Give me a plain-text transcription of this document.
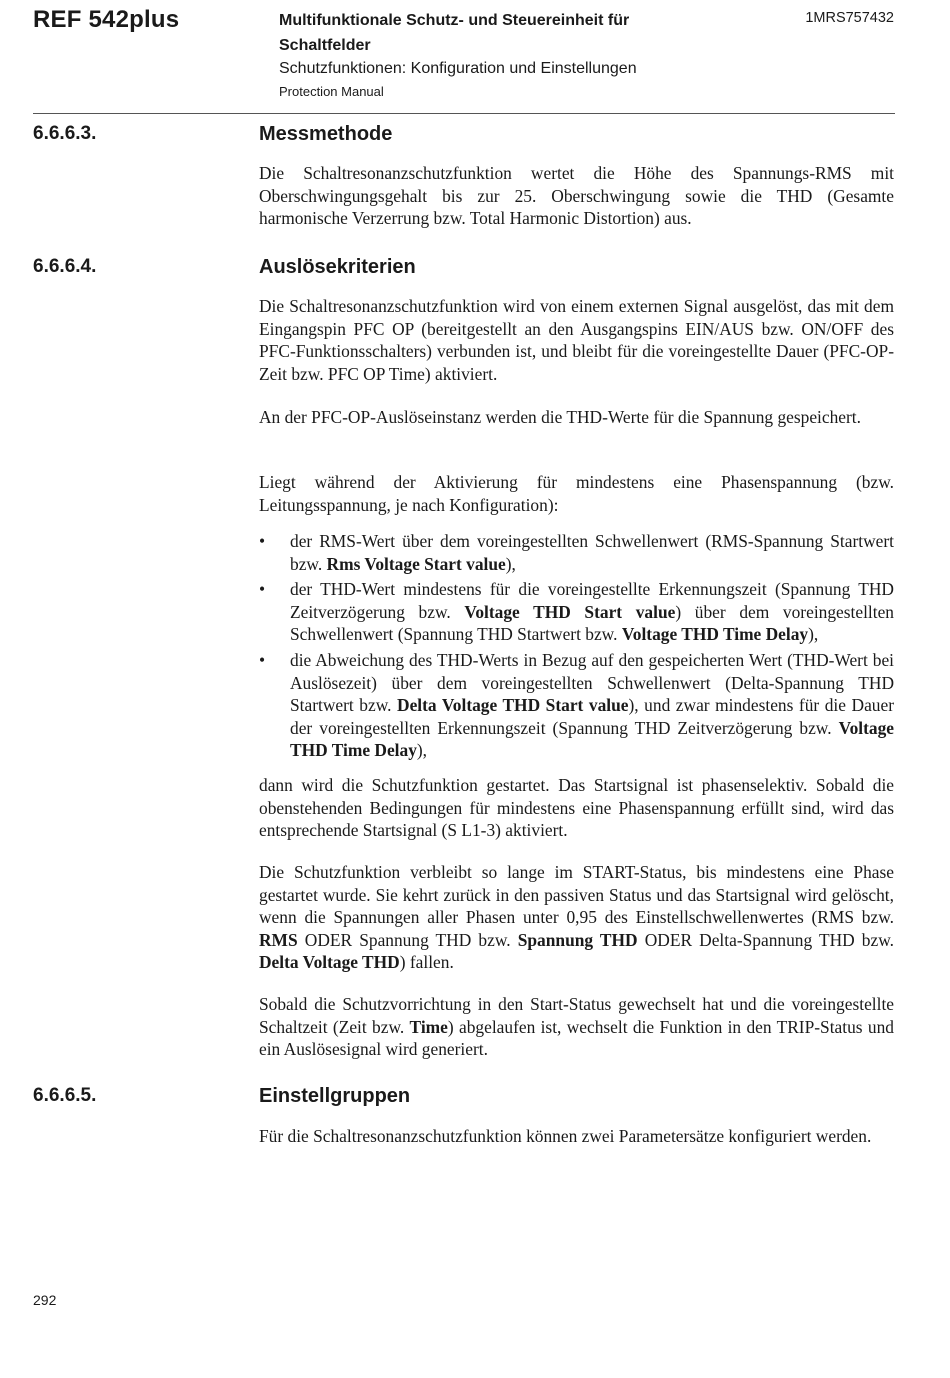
REF 542plus	Multifunktionale Schutz- und Steuereinheit für Schaltfelder
Schutzfunktionen: Konfiguration und Einstellungen
Protection Manual
1MRS757432
6.6.6.3.	Messmethode

Die Schaltresonanzschutzfunktion wertet die Höhe des Spannungs-RMS mit Oberschwingungsgehalt bis zur 25. Oberschwingung sowie die THD (Gesamte harmonische Verzerrung bzw. Total Harmonic Distortion) aus.

6.6.6.4.	Auslösekriterien

Die Schaltresonanzschutzfunktion wird von einem externen Signal ausgelöst, das mit dem Eingangspin PFC OP (bereitgestellt an den Ausgangspins EIN/AUS bzw. ON/OFF des PFC-Funktionsschalters) verbunden ist, und bleibt für die voreingestellte Dauer (PFC-OP-Zeit bzw. PFC OP Time) aktiviert.

An der PFC-OP-Auslöseinstanz werden die THD-Werte für die Spannung gespeichert.

Liegt während der Aktivierung für mindestens eine Phasenspannung (bzw. Leitungsspannung, je nach Konfiguration):

•	der RMS-Wert über dem voreingestellten Schwellenwert (RMS-Spannung Startwert bzw. Rms Voltage Start value),
•	der THD-Wert mindestens für die voreingestellte Erkennungszeit (Spannung THD Zeitverzögerung bzw. Voltage THD Start value) über dem voreingestellten Schwellenwert (Spannung THD Startwert bzw. Voltage THD Time Delay),
•	die Abweichung des THD-Werts in Bezug auf den gespeicherten Wert (THD-Wert bei Auslösezeit) über dem voreingestellten Schwellenwert (Delta-Spannung THD Startwert bzw. Delta Voltage THD Start value), und zwar mindestens für die Dauer der voreingestellten Erkennungszeit (Spannung THD Zeitverzögerung bzw. Voltage THD Time Delay),

dann wird die Schutzfunktion gestartet. Das Startsignal ist phasenselektiv. Sobald die obenstehenden Bedingungen für mindestens eine Phasenspannung erfüllt sind, wird das entsprechende Startsignal (S L1-3) aktiviert.

Die Schutzfunktion verbleibt so lange im START-Status, bis mindestens eine Phase gestartet wurde. Sie kehrt zurück in den passiven Status und das Startsignal wird gelöscht, wenn die Spannungen aller Phasen unter 0,95 des Einstellschwellenwertes (RMS bzw. RMS ODER Spannung THD bzw. Spannung THD ODER Delta-Spannung THD bzw. Delta Voltage THD) fallen.

Sobald die Schutzvorrichtung in den Start-Status gewechselt hat und die voreingestellte Schaltzeit (Zeit bzw. Time) abgelaufen ist, wechselt die Funktion in den TRIP-Status und ein Auslösesignal wird generiert.

6.6.6.5.	Einstellgruppen

Für die Schaltresonanzschutzfunktion können zwei Parametersätze konfiguriert werden.

292
